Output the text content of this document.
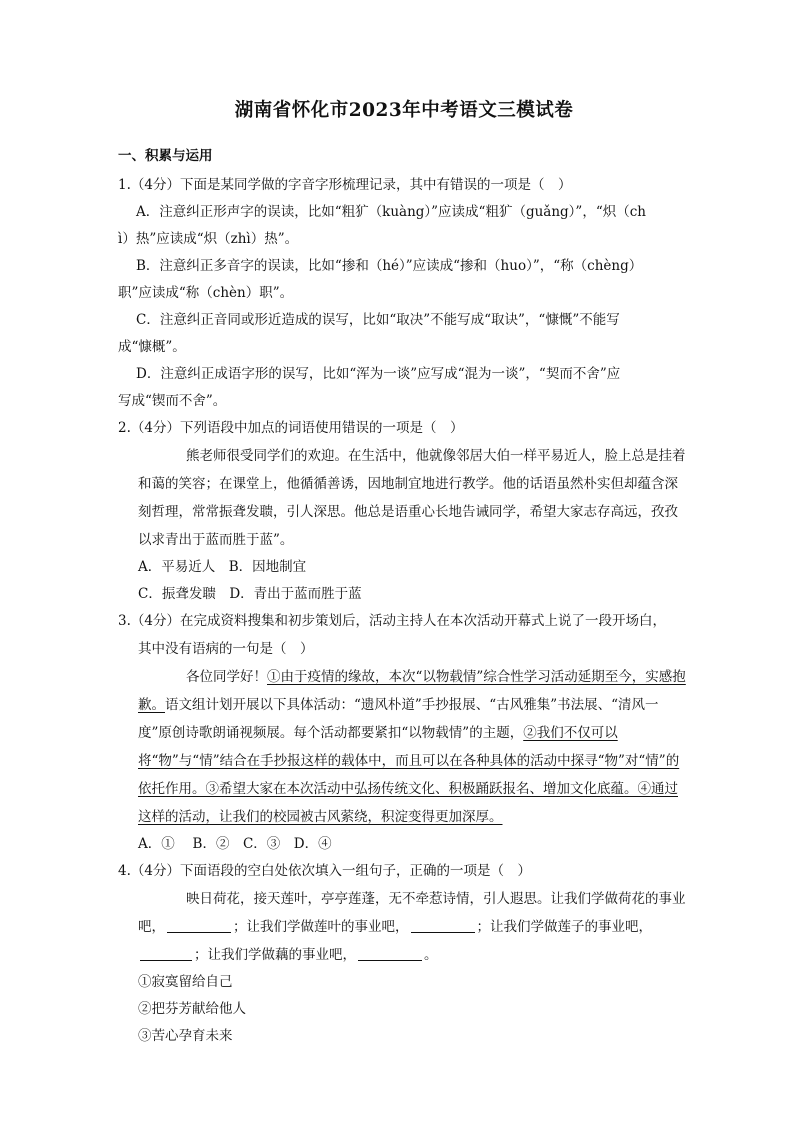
湖南省怀化市2023年中考语文三模试卷

一、积累与运用

1.（4分）下面是某同学做的字音字形梳理记录，其中有错误的一项是（　）

A．注意纠正形声字的误读，比如“粗犷（kuàng）”应读成“粗犷（guǎng）”，“炽（ch

ì）热”应读成“炽（zhì）热”。

B．注意纠正多音字的误读，比如“掺和（hé）”应读成“掺和（huo）”，“称（chèng）

职”应读成“称（chèn）职”。

C．注意纠正音同或形近造成的误写，比如“取决”不能写成“取诀”，“慷慨”不能写

成“慷概”。

D．注意纠正成语字形的误写，比如“浑为一谈”应写成“混为一谈”，“契而不舍”应

写成“锲而不舍”。

2.（4分）下列语段中加点的词语使用错误的一项是（　）

熊老师很受同学们的欢迎。在生活中，他就像邻居大伯一样平易近人，脸上总是挂着和蔼的笑容；在课堂上，他循循善诱，因地制宜地进行教学。他的话语虽然朴实但却蕴含深刻哲理，常常振聋发聩，引人深思。他总是语重心长地告诫同学，希望大家志存高远，孜孜以求青出于蓝而胜于蓝”。

A．平易近人　B．因地制宜

C．振聋发聩　D．青出于蓝而胜于蓝

3.（4分）在完成资料搜集和初步策划后，活动主持人在本次活动开幕式上说了一段开场白，

其中没有语病的一句是（　）

各位同学好！①由于疫情的缘故，本次“以物载情”综合性学习活动延期至今，实感抱歉。语文组计划开展以下具体活动：“遗风朴道”手抄报展、“古风雅集”书法展、“清风一度”原创诗歌朗诵视频展。每个活动都要紧扣“以物载情”的主题，②我们不仅可以将“物”与“情”结合在手抄报这样的载体中，而且可以在各种具体的活动中探寻“物”对“情”的依托作用。③希望大家在本次活动中弘扬传统文化、积极踊跃报名、增加文化底蕴。④通过这样的活动，让我们的校园被古风萦绕，积淀变得更加深厚。

A．①　 B．②　C．③　D．④

4.（4分）下面语段的空白处依次填入一组句子，正确的一项是（　）

映日荷花，接天莲叶，亭亭莲蓬，无不牵惹诗情，引人遐思。让我们学做荷花的事业吧，	；让我们学做莲叶的事业吧，	；让我们学做莲子的事业吧，；让我们学做藕的事业吧，	。

①寂寞留给自己

②把芬芳献给他人

③苦心孕育未来
